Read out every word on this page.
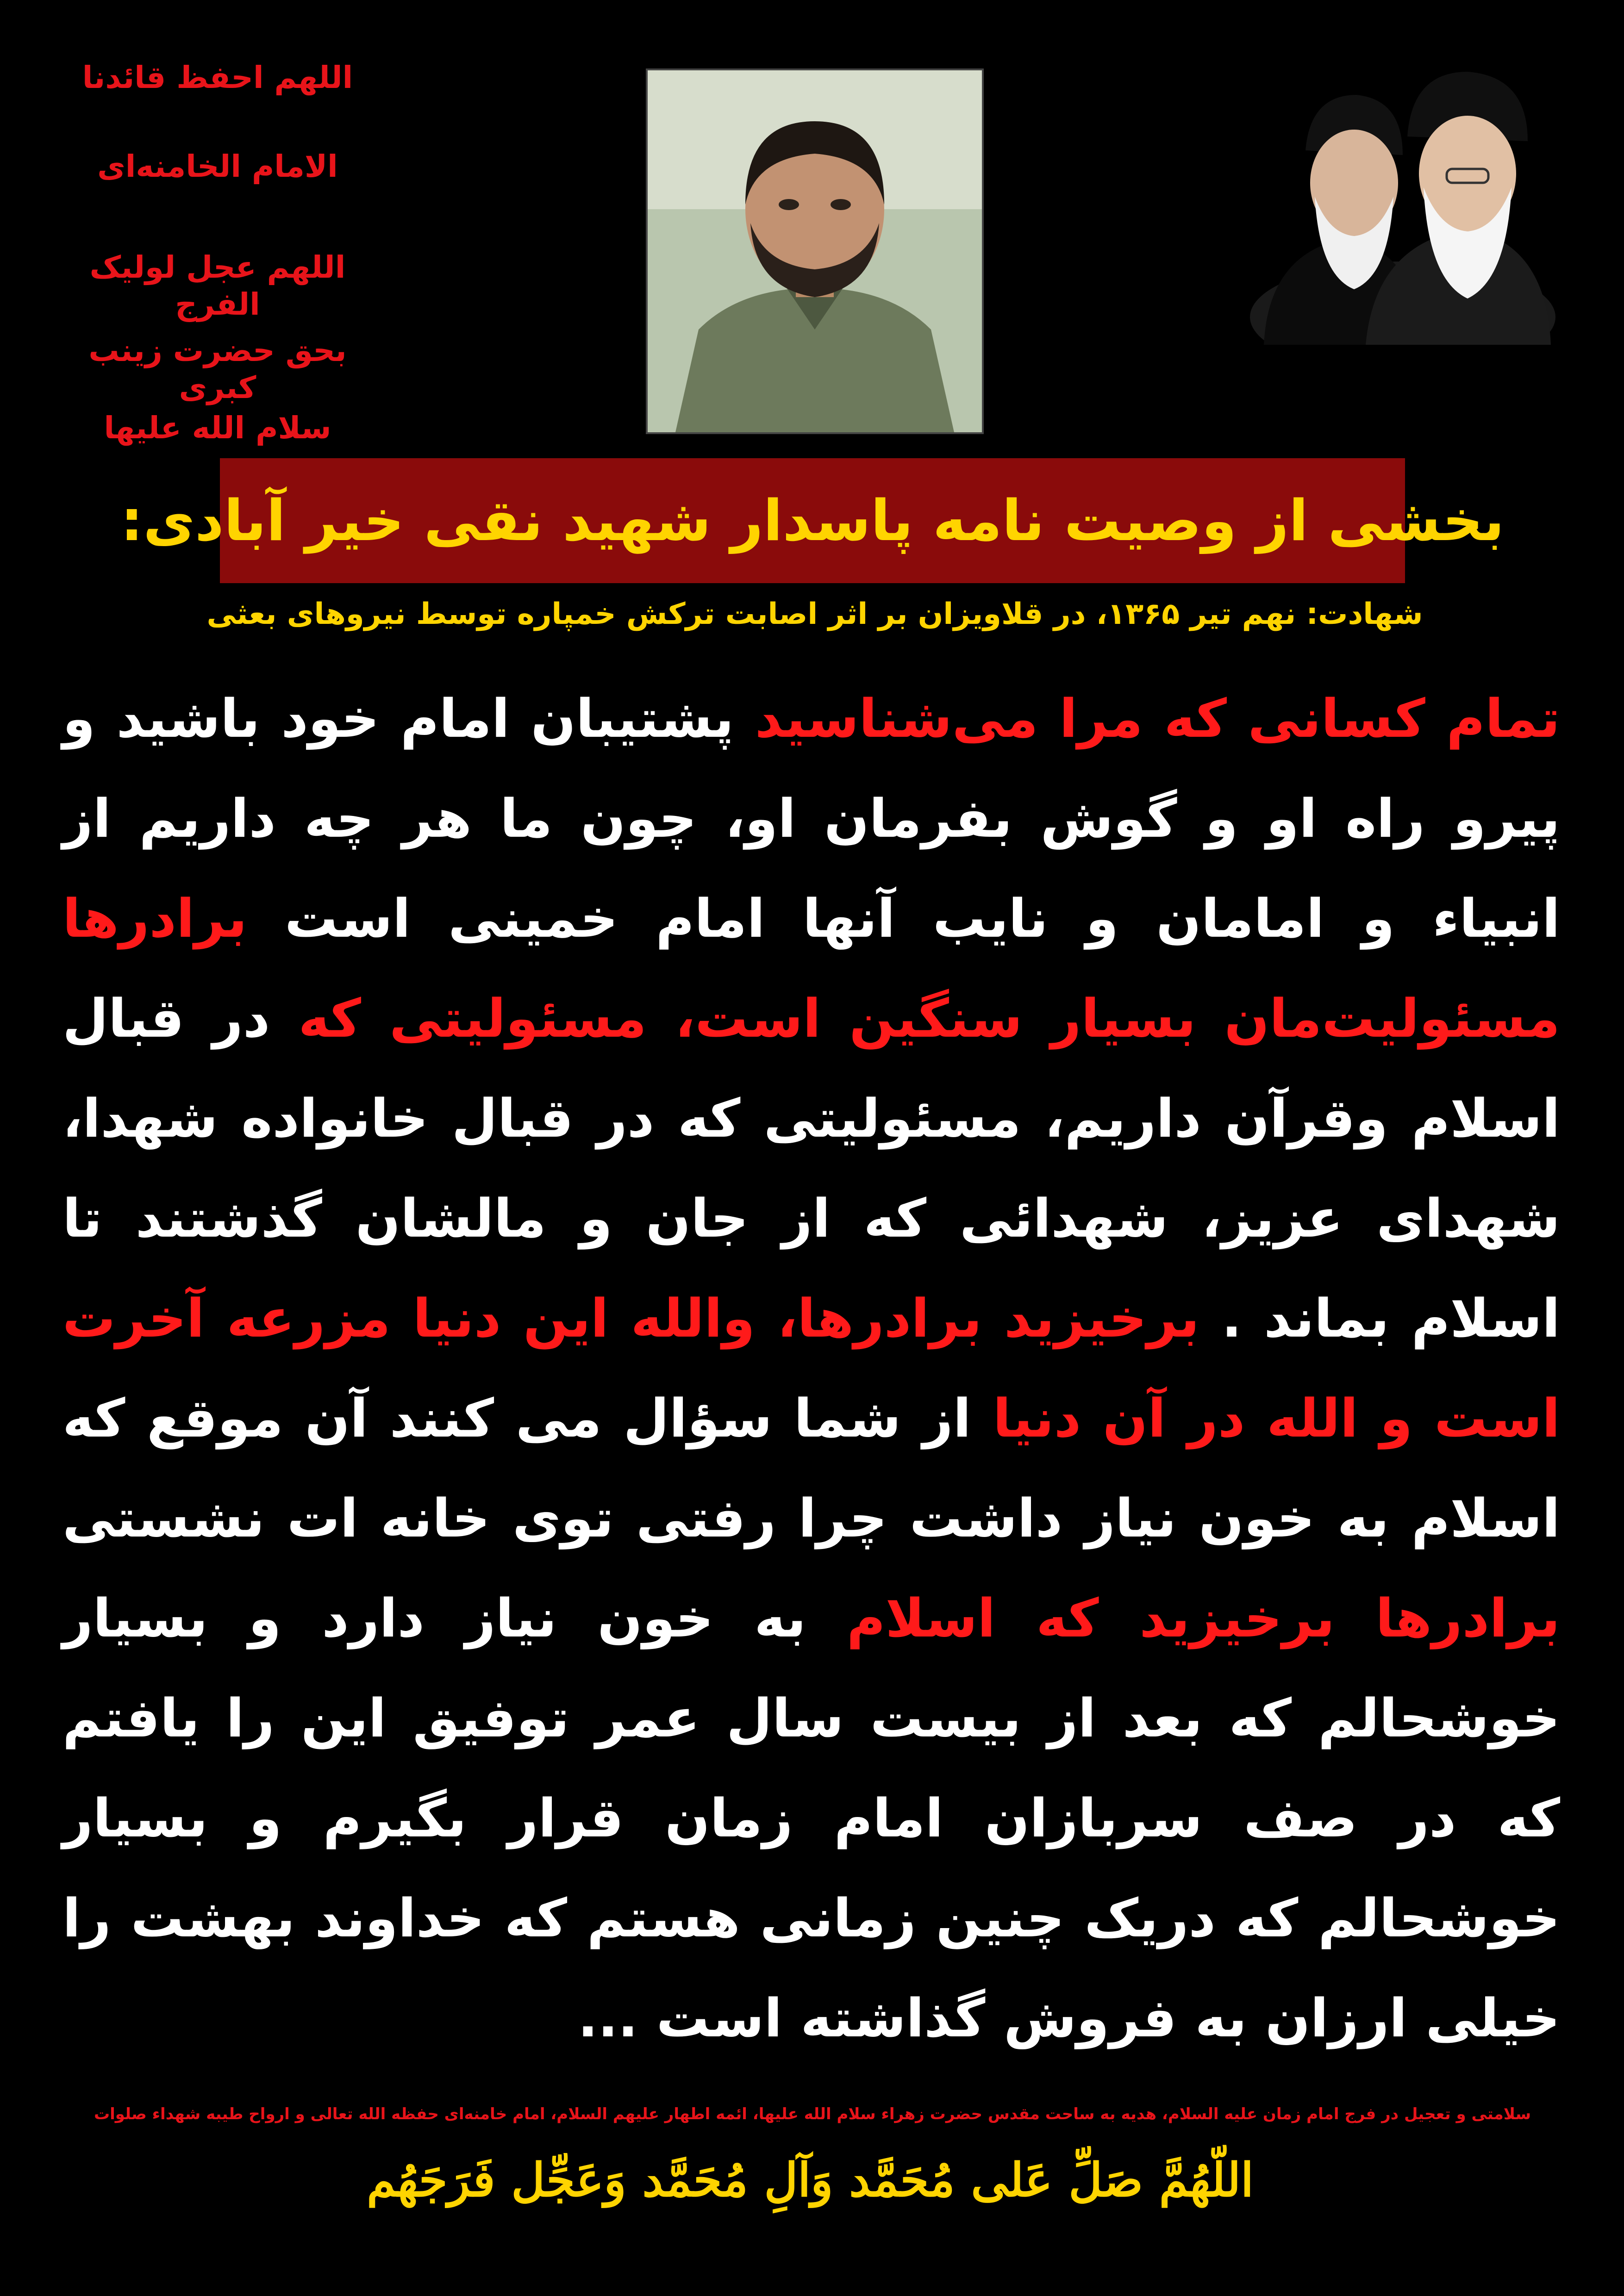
اللهم احفظ قائدنا
الامام الخامنه‌ای
اللهم عجل لولیک الفرج
بحق حضرت زینب کبری
سلام الله علیها
بخشی از وصیت نامه پاسدار شهید نقی خیر آبادی:
شهادت: نهم تیر ۱۳۶۵، در قلاویزان بر اثر اصابت ترکش خمپاره توسط نیروهای بعثی
تمام کسانی که مرا می‌شناسید پشتیبان امام خود باشید و پیرو راه او و گوش بفرمان او، چون ما هر چه داریم از انبیاء و امامان و نایب آنها امام خمینی است برادرها مسئولیت‌مان بسیار سنگین است، مسئولیتی که در قبال اسلام وقرآن داریم، مسئولیتی که در قبال خانواده شهدا، شهدای عزیز، شهدائی که از جان و مالشان گذشتند تا اسلام بماند . برخیزید برادرها، والله این دنیا مزرعه آخرت است و الله در آن دنیا از شما سؤال می کنند آن موقع که اسلام به خون نیاز داشت چرا رفتی توی خانه ات نشستی برادرها برخیزید که اسلام به خون نیاز دارد و بسیار خوشحالم که بعد از بیست سال عمر توفیق این را یافتم که در صف سربازان امام زمان قرار بگیرم و بسیار خوشحالم که دریک چنین زمانی هستم که خداوند بهشت را خیلی ارزان به فروش گذاشته است ...
سلامتی و تعجیل در فرج امام زمان علیه السلام، هدیه به ساحت مقدس حضرت زهراء سلام الله علیها، ائمه اطهار علیهم السلام، امام خامنه‌ای حفظه الله تعالی و ارواح طیبه شهداء صلوات
اللّهُمَّ صَلِّ عَلی مُحَمَّد وَآلِ مُحَمَّد وَعَجِّل فَرَجَهُم
